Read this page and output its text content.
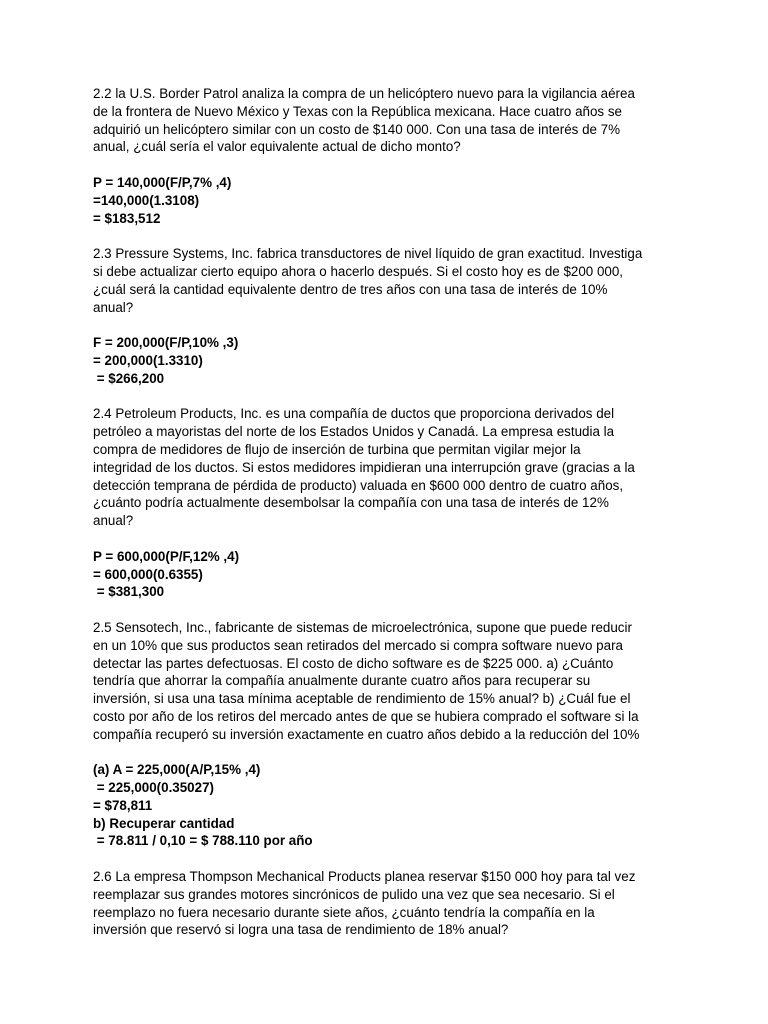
2.2 la U.S. Border Patrol analiza la compra de un helicóptero nuevo para la vigilancia aérea
de la frontera de Nuevo México y Texas con la República mexicana. Hace cuatro años se
adquirió un helicóptero similar con un costo de $140 000. Con una tasa de interés de 7%
anual, ¿cuál sería el valor equivalente actual de dicho monto?
P = 140,000(F/P,7% ,4)
=140,000(1.3108)
= $183,512
2.3 Pressure Systems, Inc. fabrica transductores de nivel líquido de gran exactitud. Investiga
si debe actualizar cierto equipo ahora o hacerlo después. Si el costo hoy es de $200 000,
¿cuál será la cantidad equivalente dentro de tres años con una tasa de interés de 10%
anual?
F = 200,000(F/P,10% ,3)
= 200,000(1.3310)
= $266,200
2.4 Petroleum Products, Inc. es una compañía de ductos que proporciona derivados del
petróleo a mayoristas del norte de los Estados Unidos y Canadá. La empresa estudia la
compra de medidores de flujo de inserción de turbina que permitan vigilar mejor la
integridad de los ductos. Si estos medidores impidieran una interrupción grave (gracias a la
detección temprana de pérdida de producto) valuada en $600 000 dentro de cuatro años,
¿cuánto podría actualmente desembolsar la compañía con una tasa de interés de 12%
anual?
P = 600,000(P/F,12% ,4)
= 600,000(0.6355)
= $381,300
2.5 Sensotech, Inc., fabricante de sistemas de microelectrónica, supone que puede reducir
en un 10% que sus productos sean retirados del mercado si compra software nuevo para
detectar las partes defectuosas. El costo de dicho software es de $225 000. a) ¿Cuánto
tendría que ahorrar la compañía anualmente durante cuatro años para recuperar su
inversión, si usa una tasa mínima aceptable de rendimiento de 15% anual? b) ¿Cuál fue el
costo por año de los retiros del mercado antes de que se hubiera comprado el software si la
compañía recuperó su inversión exactamente en cuatro años debido a la reducción del 10%
(a) A = 225,000(A/P,15% ,4)
= 225,000(0.35027)
= $78,811
b) Recuperar cantidad
= 78.811 / 0,10 = $ 788.110 por año
2.6 La empresa Thompson Mechanical Products planea reservar $150 000 hoy para tal vez
reemplazar sus grandes motores sincrónicos de pulido una vez que sea necesario. Si el
reemplazo no fuera necesario durante siete años, ¿cuánto tendría la compañía en la
inversión que reservó si logra una tasa de rendimiento de 18% anual?
